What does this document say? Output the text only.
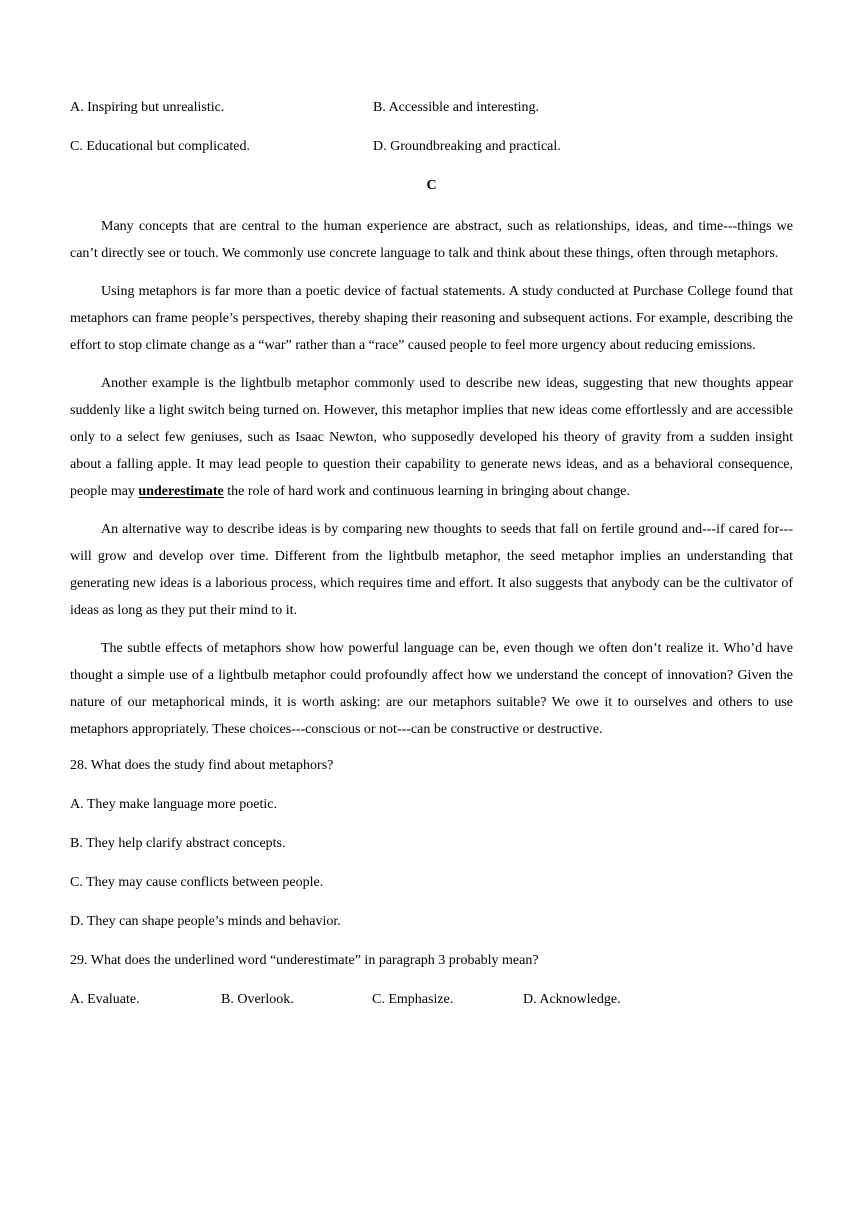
A. Inspiring but unrealistic.	B. Accessible and interesting.
C. Educational but complicated.	D. Groundbreaking and practical.
C

Many concepts that are central to the human experience are abstract, such as relationships, ideas, and time---things we can’t directly see or touch. We commonly use concrete language to talk and think about these things, often through metaphors.

Using metaphors is far more than a poetic device of factual statements. A study conducted at Purchase College found that metaphors can frame people’s perspectives, thereby shaping their reasoning and subsequent actions. For example, describing the effort to stop climate change as a “war” rather than a “race” caused people to feel more urgency about reducing emissions.

Another example is the lightbulb metaphor commonly used to describe new ideas, suggesting that new thoughts appear suddenly like a light switch being turned on. However, this metaphor implies that new ideas come effortlessly and are accessible only to a select few geniuses, such as Isaac Newton, who supposedly developed his theory of gravity from a sudden insight about a falling apple. It may lead people to question their capability to generate news ideas, and as a behavioral consequence, people may underestimate the role of hard work and continuous learning in bringing about change.

An alternative way to describe ideas is by comparing new thoughts to seeds that fall on fertile ground and---if cared for---will grow and develop over time. Different from the lightbulb metaphor, the seed metaphor implies an understanding that generating new ideas is a laborious process, which requires time and effort. It also suggests that anybody can be the cultivator of ideas as long as they put their mind to it.

The subtle effects of metaphors show how powerful language can be, even though we often don’t realize it. Who’d have thought a simple use of a lightbulb metaphor could profoundly affect how we understand the concept of innovation? Given the nature of our metaphorical minds, it is worth asking: are our metaphors suitable? We owe it to ourselves and others to use metaphors appropriately. These choices---conscious or not---can be constructive or destructive.

28. What does the study find about metaphors?
A. They make language more poetic.
B. They help clarify abstract concepts.
C. They may cause conflicts between people.
D. They can shape people’s minds and behavior.
29. What does the underlined word “underestimate” in paragraph 3 probably mean?
A. Evaluate.	B. Overlook.	C. Emphasize.	D. Acknowledge.
